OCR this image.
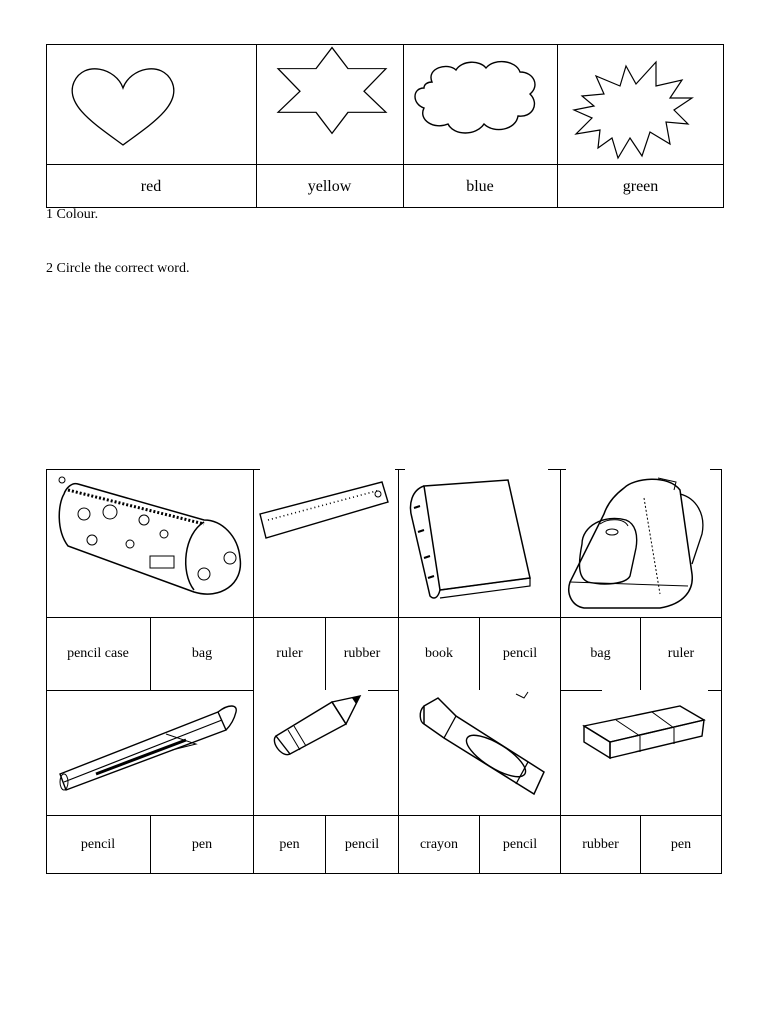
red	yellow	blue	green
1 Colour.
2 Circle the correct word.
pencil case	bag	ruler	rubber	book	pencil	bag	ruler
pencil	pen	pen	pencil	crayon	pencil	rubber	pen
